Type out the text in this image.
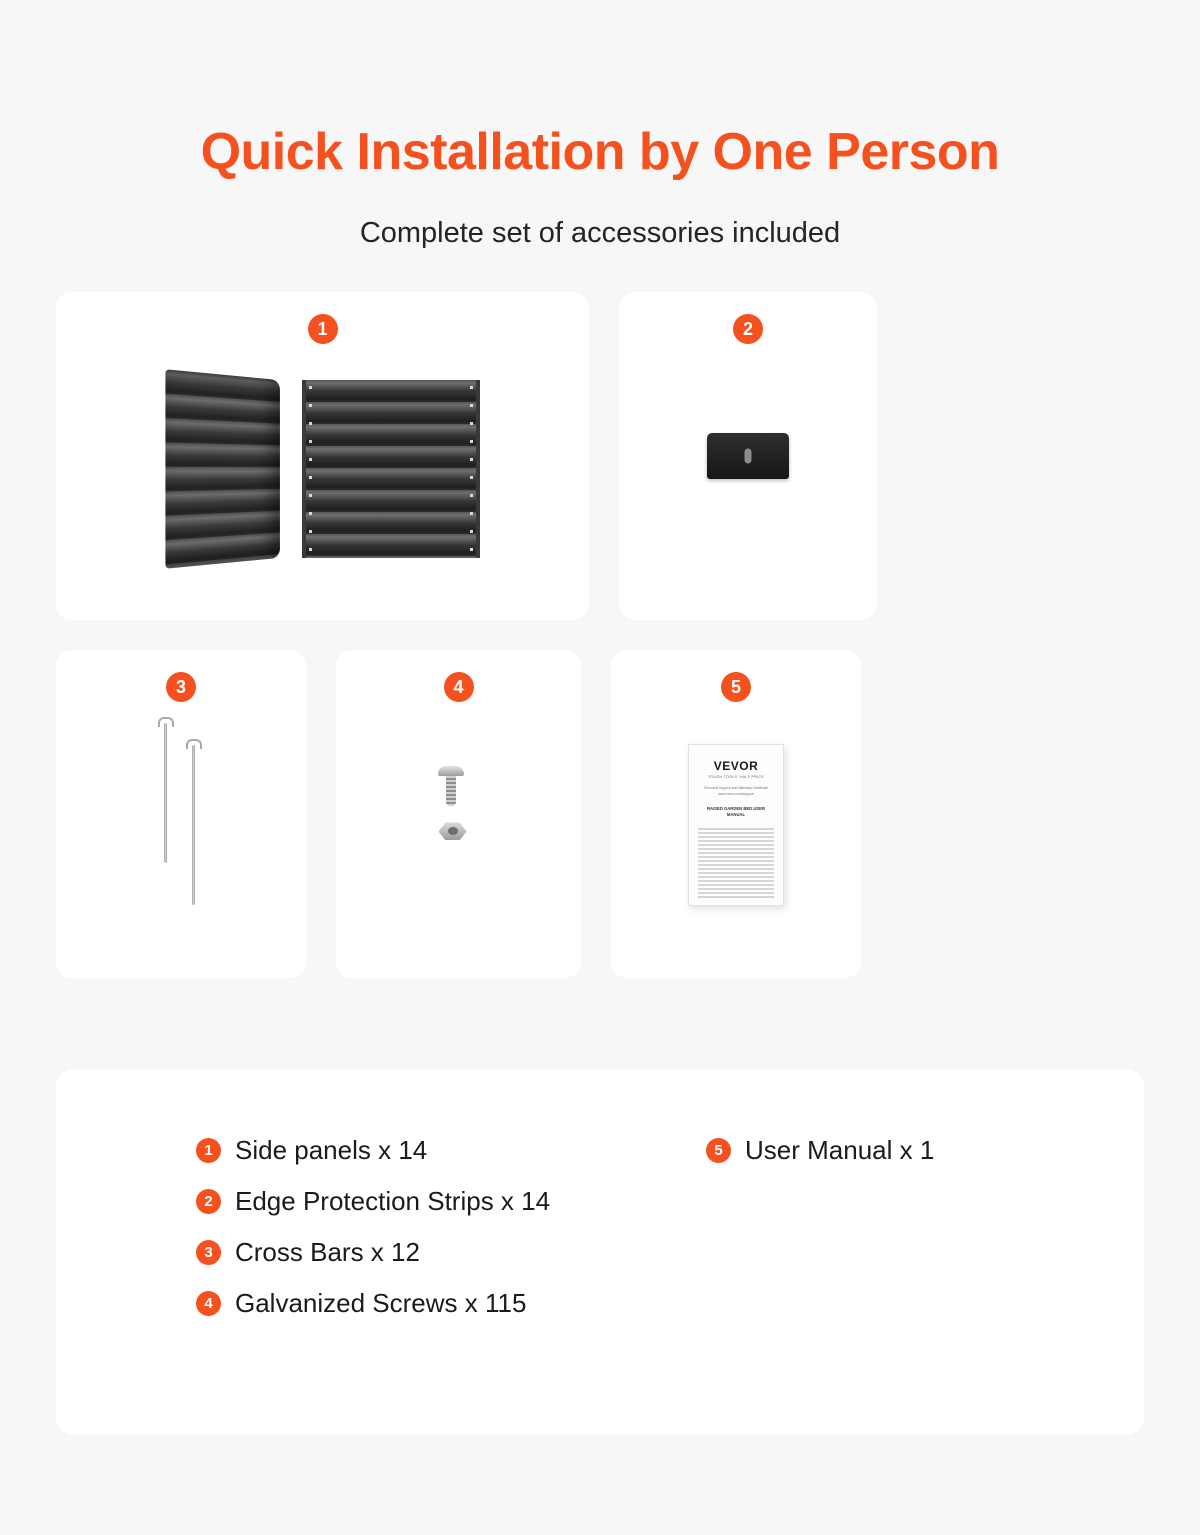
Quick Installation by One Person

Complete set of accessories included

1	2
3	4	5
VEVOR
TOUGH TOOLS, HALF PRICE
Technical Support and Warranty Certificate www.vevor.com/support
RAISED GARDEN BED USER MANUAL
1 Side panels x 14
2 Edge Protection Strips x 14
3 Cross Bars x 12
4 Galvanized Screws x 115
5 User Manual x 1
